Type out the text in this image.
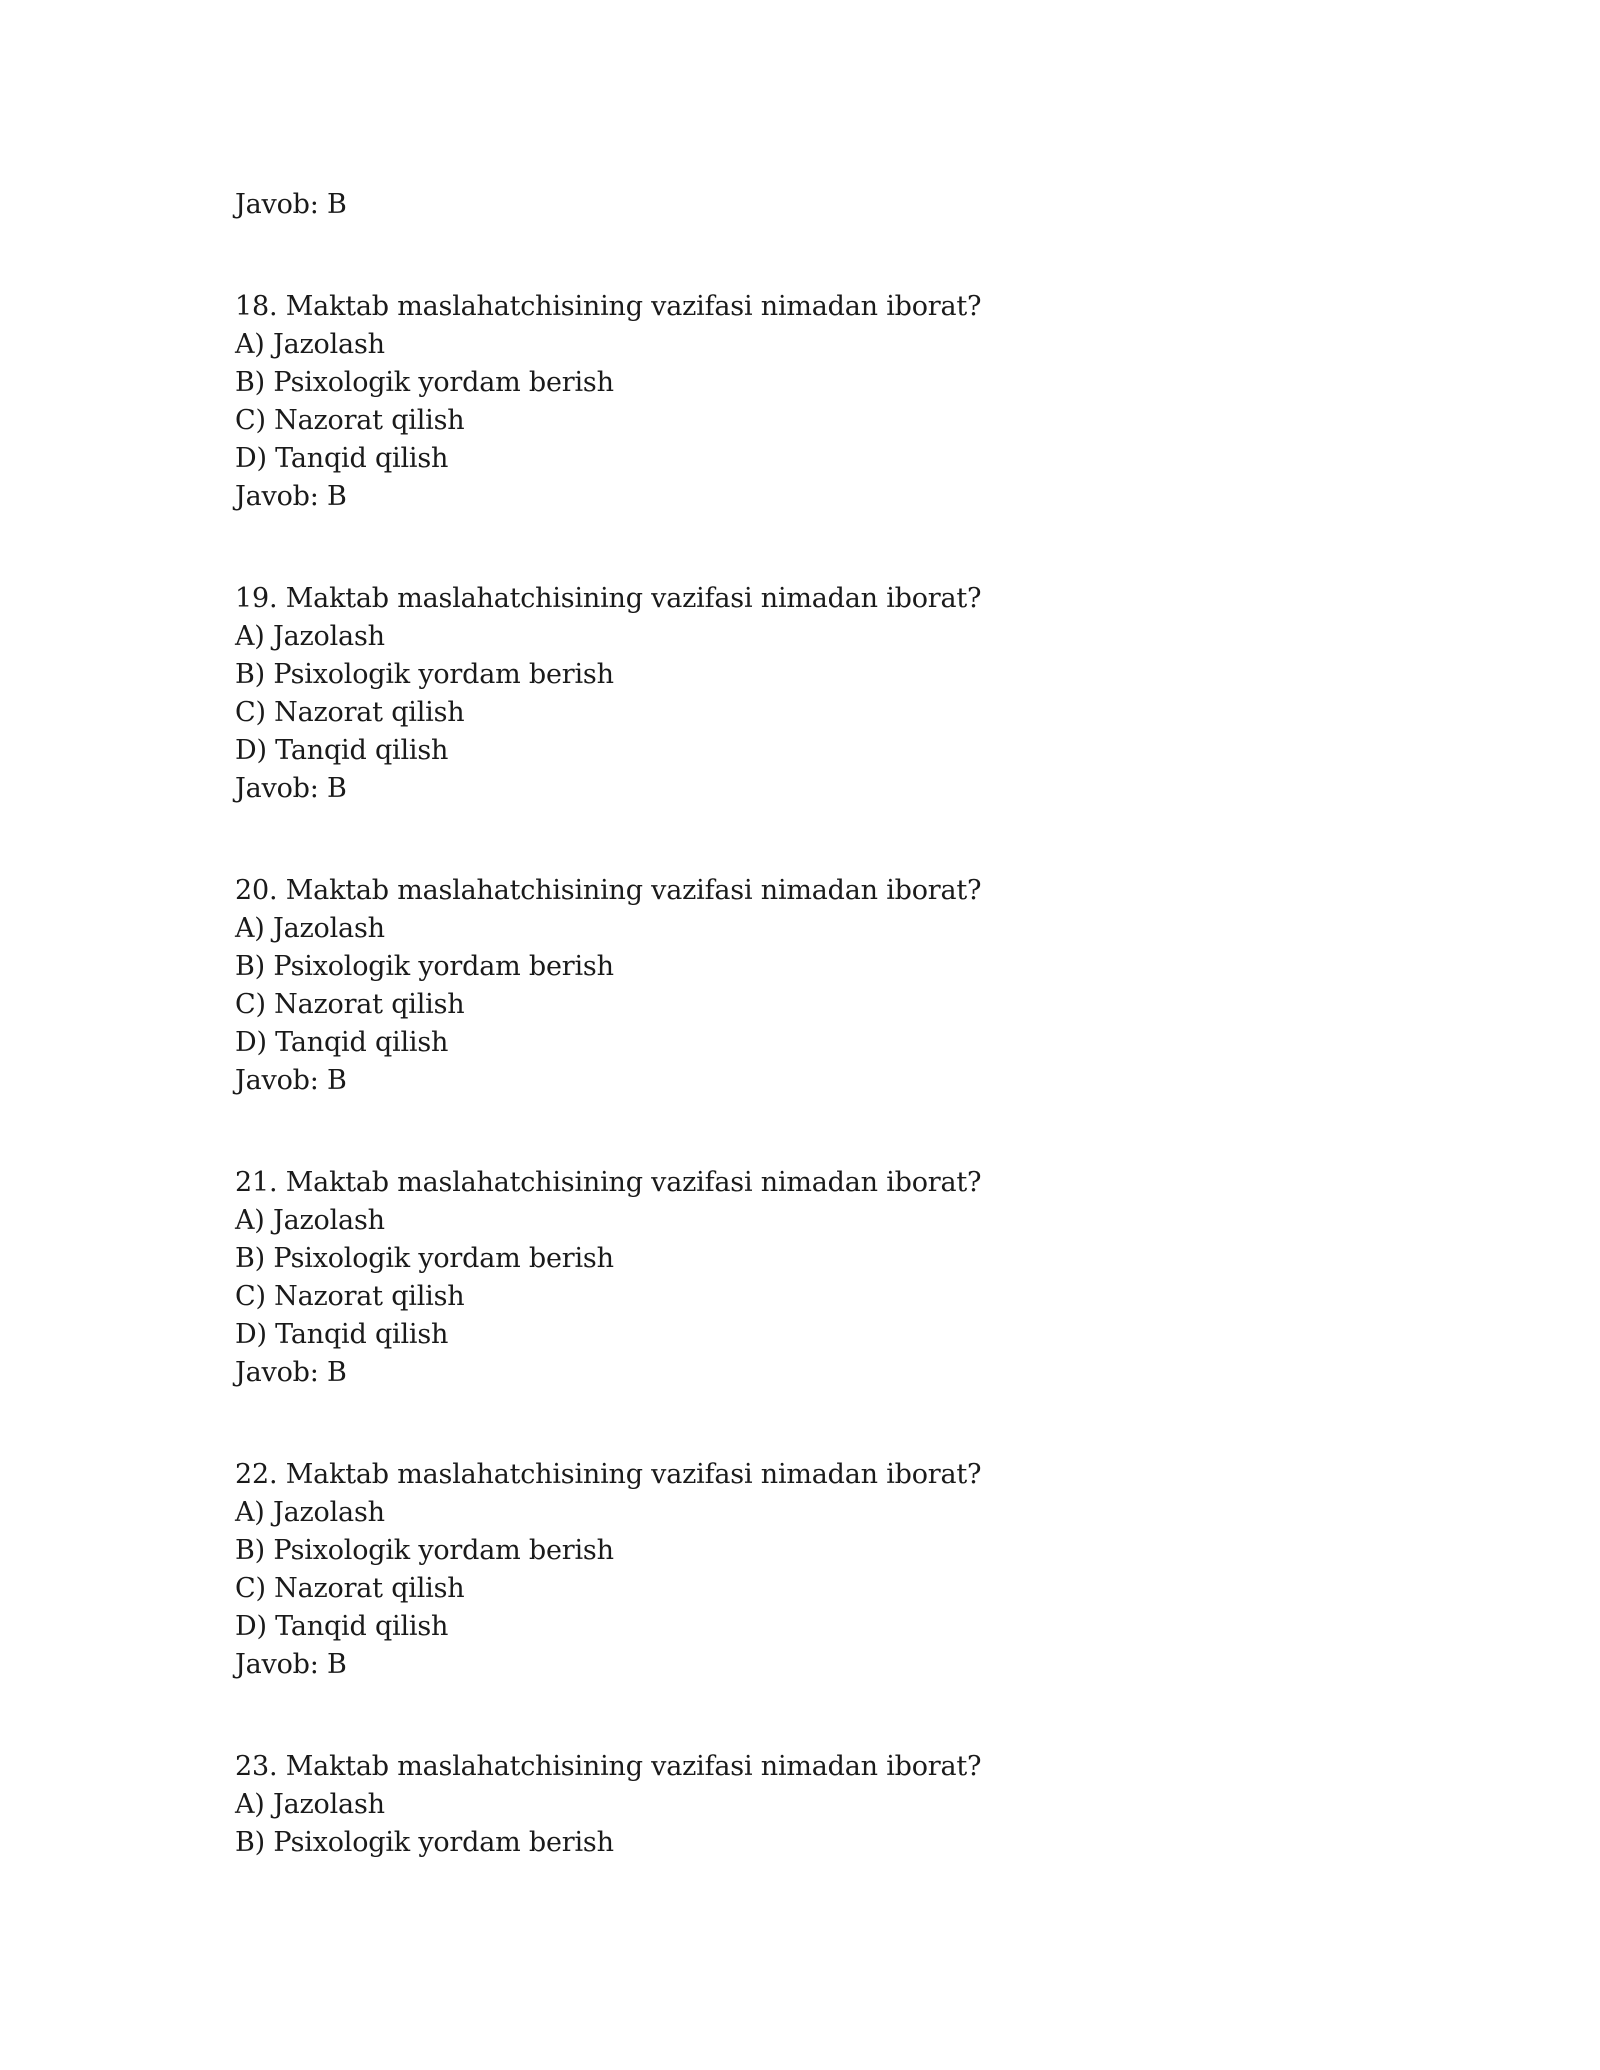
Javob: B
18. Maktab maslahatchisining vazifasi nimadan iborat?
A) Jazolash
B) Psixologik yordam berish
C) Nazorat qilish
D) Tanqid qilish
Javob: B
19. Maktab maslahatchisining vazifasi nimadan iborat?
A) Jazolash
B) Psixologik yordam berish
C) Nazorat qilish
D) Tanqid qilish
Javob: B
20. Maktab maslahatchisining vazifasi nimadan iborat?
A) Jazolash
B) Psixologik yordam berish
C) Nazorat qilish
D) Tanqid qilish
Javob: B
21. Maktab maslahatchisining vazifasi nimadan iborat?
A) Jazolash
B) Psixologik yordam berish
C) Nazorat qilish
D) Tanqid qilish
Javob: B
22. Maktab maslahatchisining vazifasi nimadan iborat?
A) Jazolash
B) Psixologik yordam berish
C) Nazorat qilish
D) Tanqid qilish
Javob: B
23. Maktab maslahatchisining vazifasi nimadan iborat?
A) Jazolash
B) Psixologik yordam berish
